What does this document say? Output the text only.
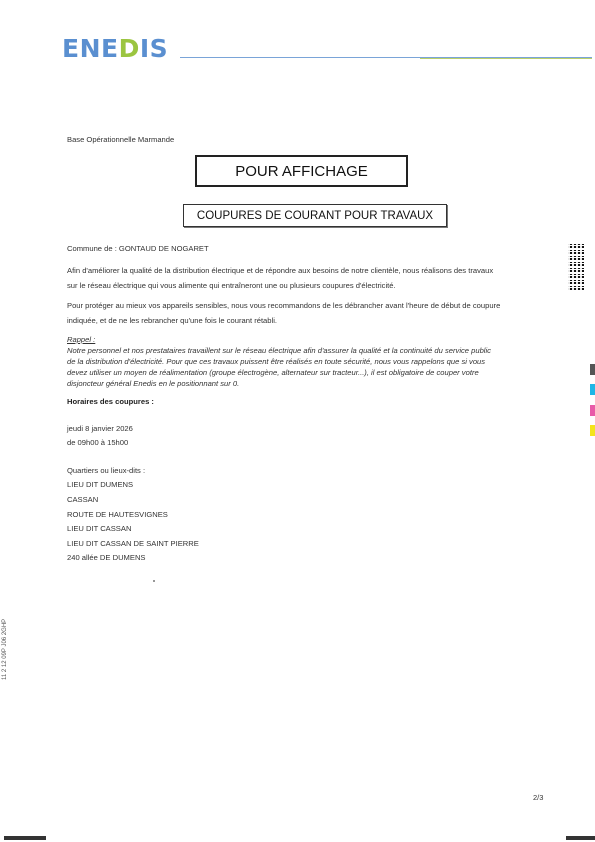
ENEDIS
Base Opérationnelle Marmande
POUR AFFICHAGE
COUPURES DE COURANT POUR TRAVAUX
Commune de : GONTAUD DE NOGARET
Afin d'améliorer la qualité de la distribution électrique et de répondre aux besoins de notre clientèle, nous réalisons des travaux
sur le réseau électrique qui vous alimente qui entraîneront une ou plusieurs coupures d'électricité.
Pour protéger au mieux vos appareils sensibles, nous vous recommandons de les débrancher avant l'heure de début de coupure
indiquée, et de ne les rebrancher qu'une fois le courant rétabli.
Rappel :
Notre personnel et nos prestataires travaillent sur le réseau électrique afin d'assurer la qualité et la continuité du service public
de la distribution d'électricité. Pour que ces travaux puissent être réalisés en toute sécurité, nous vous rappelons que si vous
devez utiliser un moyen de réalimentation (groupe électrogène, alternateur sur tracteur...), il est obligatoire de couper votre
disjoncteur général Enedis en le positionnant sur 0.
Horaires des coupures :
jeudi 8 janvier 2026
de 09h00 à 15h00
Quartiers ou lieux-dits :
LIEU DIT DUMENS
CASSAN
ROUTE DE HAUTESVIGNES
LIEU DIT CASSAN
LIEU DIT CASSAN DE SAINT PIERRE
240 allée DE DUMENS
11 2 12 09P J06 2GHP
2/3
